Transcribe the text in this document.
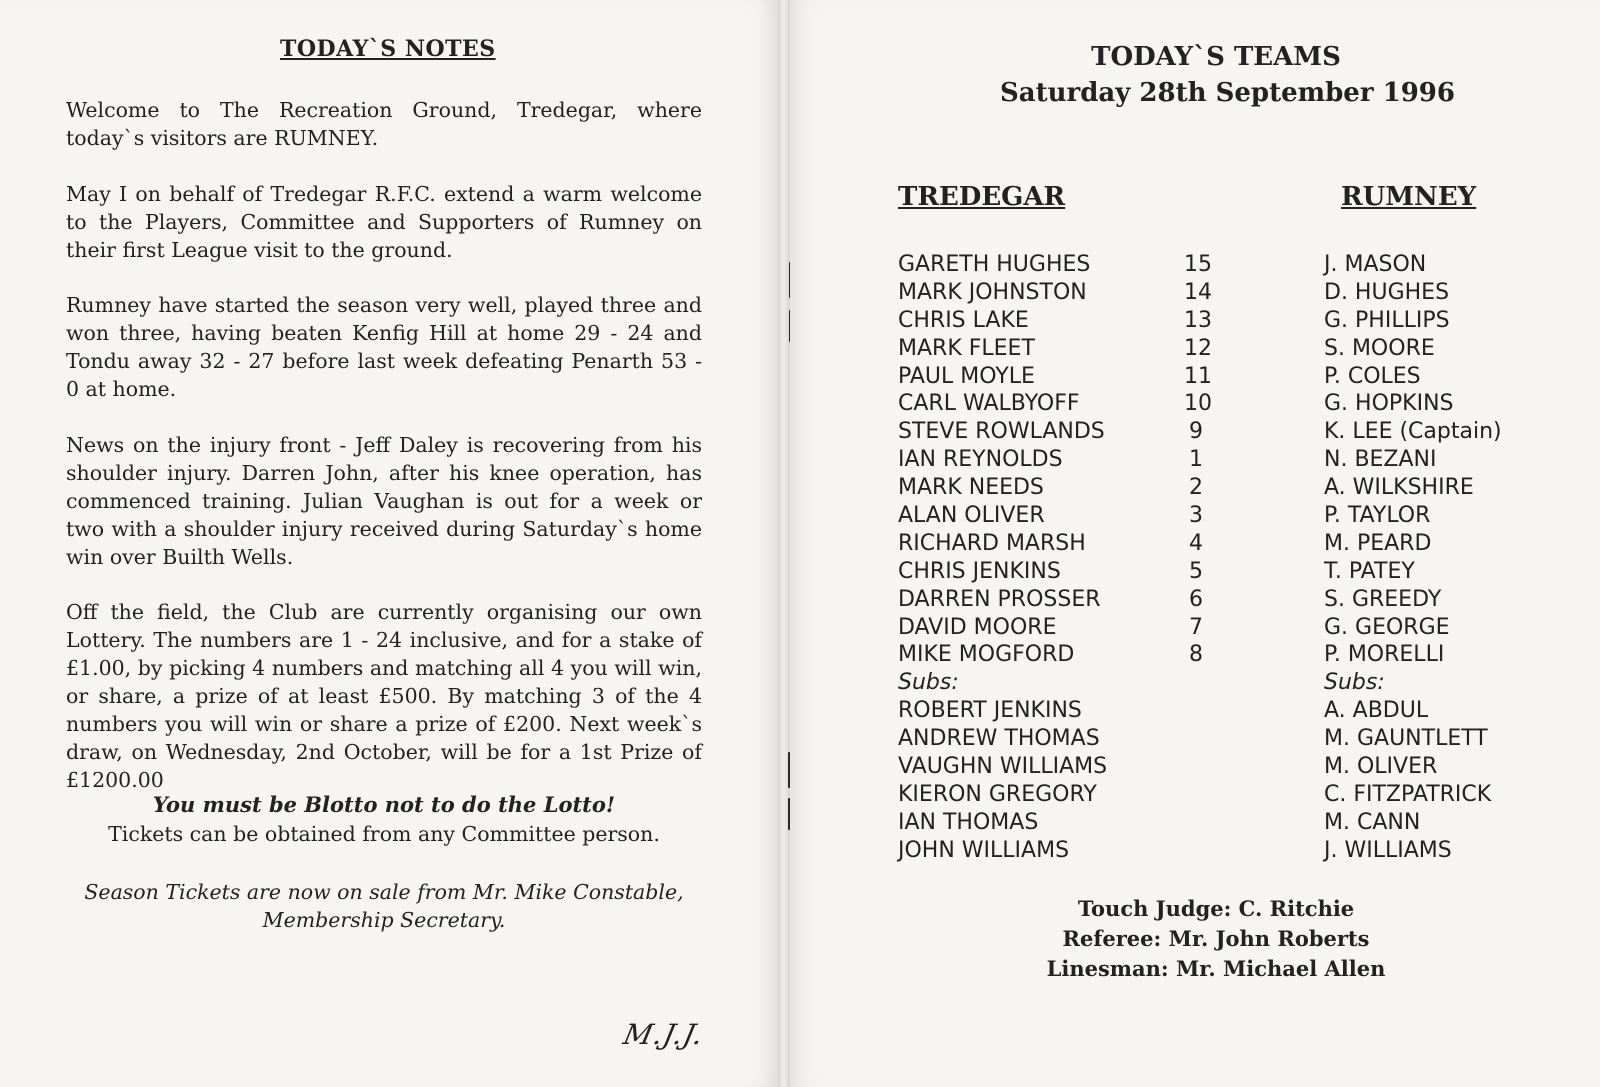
TODAY`S NOTES

Welcome to The Recreation Ground, Tredegar, where today`s visitors are RUMNEY.

May I on behalf of Tredegar R.F.C. extend a warm welcome to the Players, Committee and Supporters of Rumney on their first League visit to the ground.

Rumney have started the season very well, played three and won three, having beaten Kenfig Hill at home 29 - 24 and Tondu away 32 - 27 before last week defeating Penarth 53 - 0 at home.

News on the injury front - Jeff Daley is recovering from his shoulder injury. Darren John, after his knee operation, has commenced training. Julian Vaughan is out for a week or two with a shoulder injury received during Saturday`s home win over Builth Wells.

Off the field, the Club are currently organising our own Lottery. The numbers are 1 - 24 inclusive, and for a stake of £1.00, by picking 4 numbers and matching all 4 you will win, or share, a prize of at least £500. By matching 3 of the 4 numbers you will win or share a prize of £200. Next week`s draw, on Wednesday, 2nd October, will be for a 1st Prize of £1200.00

You must be Blotto not to do the Lotto!

Tickets can be obtained from any Committee person.

Season Tickets are now on sale from Mr. Mike Constable,
Membership Secretary.

M.J.J.
TODAY`S TEAMS
Saturday 28th September 1996
TREDEGAR	RUMNEY
GARETH HUGHES	15	J. MASON
MARK JOHNSTON	14	D. HUGHES
CHRIS LAKE	13	G. PHILLIPS
MARK FLEET	12	S. MOORE
PAUL MOYLE	11	P. COLES
CARL WALBYOFF	10	G. HOPKINS
STEVE ROWLANDS	9	K. LEE (Captain)
IAN REYNOLDS	1	N. BEZANI
MARK NEEDS	2	A. WILKSHIRE
ALAN OLIVER	3	P. TAYLOR
RICHARD MARSH	4	M. PEARD
CHRIS JENKINS	5	T. PATEY
DARREN PROSSER	6	S. GREEDY
DAVID MOORE	7	G. GEORGE
MIKE MOGFORD	8	P. MORELLI
Subs:	Subs:
ROBERT JENKINS	A. ABDUL
ANDREW THOMAS	M. GAUNTLETT
VAUGHN WILLIAMS	M. OLIVER
KIERON GREGORY	C. FITZPATRICK
IAN THOMAS	M. CANN
JOHN WILLIAMS	J. WILLIAMS
Touch Judge: C. Ritchie
Referee: Mr. John Roberts
Linesman: Mr. Michael Allen
